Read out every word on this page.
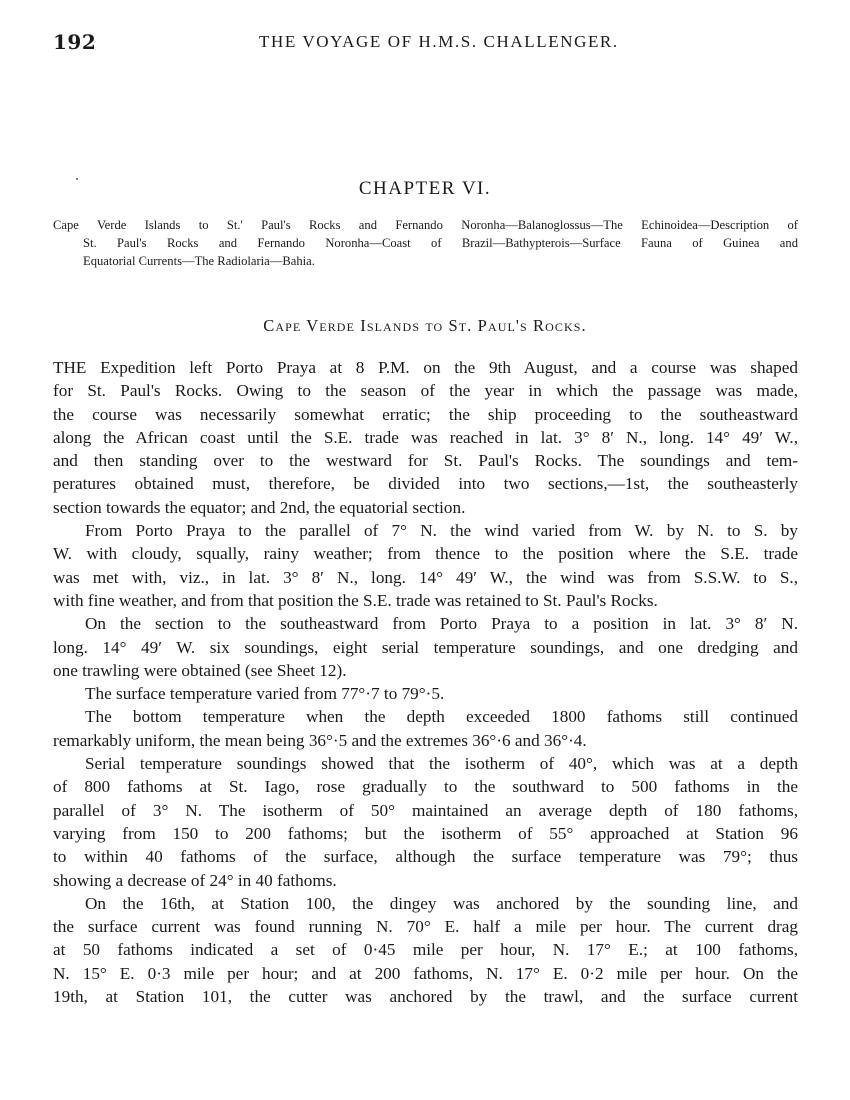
192	THE VOYAGE OF H.M.S. CHALLENGER.
CHAPTER VI.
Cape Verde Islands to St.' Paul's Rocks and Fernando Noronha—Balanoglossus—The Echinoidea—Description of
St. Paul's Rocks and Fernando Noronha—Coast of Brazil—Bathypterois—Surface Fauna of Guinea and
Equatorial Currents—The Radiolaria—Bahia.
Cape Verde Islands to St. Paul's Rocks.
THE Expedition left Porto Praya at 8 P.M. on the 9th August, and a course was shaped
for St. Paul's Rocks. Owing to the season of the year in which the passage was made,
the course was necessarily somewhat erratic; the ship proceeding to the southeastward
along the African coast until the S.E. trade was reached in lat. 3° 8′ N., long. 14° 49′ W.,
and then standing over to the westward for St. Paul's Rocks. The soundings and tem-
peratures obtained must, therefore, be divided into two sections,—1st, the southeasterly
section towards the equator; and 2nd, the equatorial section.
From Porto Praya to the parallel of 7° N. the wind varied from W. by N. to S. by
W. with cloudy, squally, rainy weather; from thence to the position where the S.E. trade
was met with, viz., in lat. 3° 8′ N., long. 14° 49′ W., the wind was from S.S.W. to S.,
with fine weather, and from that position the S.E. trade was retained to St. Paul's Rocks.
On the section to the southeastward from Porto Praya to a position in lat. 3° 8′ N.
long. 14° 49′ W. six soundings, eight serial temperature soundings, and one dredging and
one trawling were obtained (see Sheet 12).
The surface temperature varied from 77°·7 to 79°·5.
The bottom temperature when the depth exceeded 1800 fathoms still continued
remarkably uniform, the mean being 36°·5 and the extremes 36°·6 and 36°·4.
Serial temperature soundings showed that the isotherm of 40°, which was at a depth
of 800 fathoms at St. Iago, rose gradually to the southward to 500 fathoms in the
parallel of 3° N. The isotherm of 50° maintained an average depth of 180 fathoms,
varying from 150 to 200 fathoms; but the isotherm of 55° approached at Station 96
to within 40 fathoms of the surface, although the surface temperature was 79°; thus
showing a decrease of 24° in 40 fathoms.
On the 16th, at Station 100, the dingey was anchored by the sounding line, and
the surface current was found running N. 70° E. half a mile per hour. The current drag
at 50 fathoms indicated a set of 0·45 mile per hour, N. 17° E.; at 100 fathoms,
N. 15° E. 0·3 mile per hour; and at 200 fathoms, N. 17° E. 0·2 mile per hour. On the
19th, at Station 101, the cutter was anchored by the trawl, and the surface current
